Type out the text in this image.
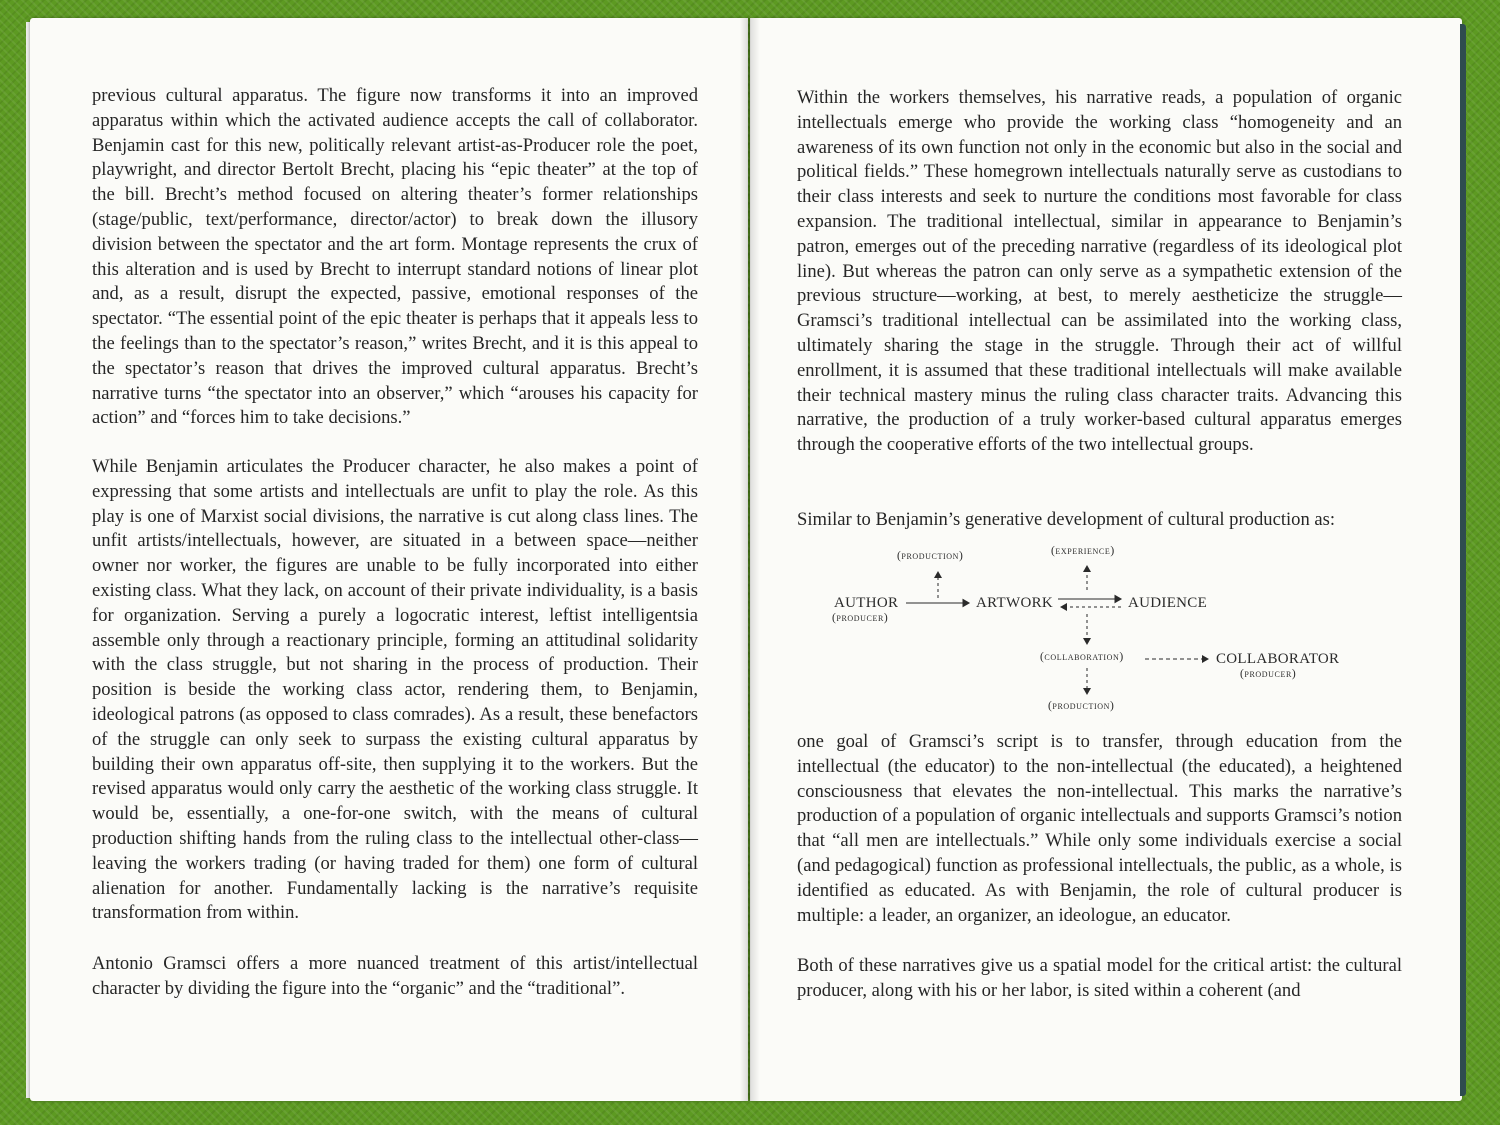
previous cultural apparatus. The figure now transforms it into an improved apparatus within which the activated audience accepts the call of collaborator. Benjamin cast for this new, politically relevant artist-as-Producer role the poet, playwright, and director Bertolt Brecht, placing his “epic theater” at the top of the bill. Brecht’s method focused on altering theater’s former relationships (stage/public, text/performance, director/actor) to break down the illusory division between the spectator and the art form. Montage represents the crux of this alteration and is used by Brecht to interrupt standard notions of linear plot and, as a result, disrupt the expected, passive, emotional responses of the spectator. “The essential point of the epic theater is perhaps that it appeals less to the feelings than to the spectator’s reason,” writes Brecht, and it is this appeal to the spectator’s reason that drives the improved cultural apparatus. Brecht’s narrative turns “the spectator into an observer,” which “arouses his capacity for action” and “forces him to take decisions.”

While Benjamin articulates the Producer character, he also makes a point of expressing that some artists and intellectuals are unfit to play the role. As this play is one of Marxist social divisions, the narrative is cut along class lines. The unfit artists/intellectuals, however, are situated in a between space—neither owner nor worker, the figures are unable to be fully incorporated into either existing class. What they lack, on account of their private individuality, is a basis for organization. Serving a purely a logocratic interest, leftist intelligentsia assemble only through a reactionary principle, forming an attitudinal solidarity with the class struggle, but not sharing in the process of production. Their position is beside the working class actor, rendering them, to Benjamin, ideological patrons (as opposed to class comrades). As a result, these benefactors of the struggle can only seek to surpass the existing cultural apparatus by building their own apparatus off-site, then supplying it to the workers. But the revised apparatus would only carry the aesthetic of the working class struggle. It would be, essentially, a one-for-one switch, with the means of cultural production shifting hands from the ruling class to the intellectual other-class—leaving the workers trading (or having traded for them) one form of cultural alienation for another. Fundamentally lacking is the narrative’s requisite transformation from within.

Antonio Gramsci offers a more nuanced treatment of this artist/intellectual character by dividing the figure into the “organic” and the “traditional”.

Within the workers themselves, his narrative reads, a population of organic intellectuals emerge who provide the working class “homogeneity and an awareness of its own function not only in the economic but also in the social and political fields.” These homegrown intellectuals naturally serve as custodians to their class interests and seek to nurture the conditions most favorable for class expansion. The traditional intellectual, similar in appearance to Benjamin’s patron, emerges out of the preceding narrative (regardless of its ideological plot line). But whereas the patron can only serve as a sympathetic extension of the previous structure—working, at best, to merely aestheticize the struggle—Gramsci’s traditional intellectual can be assimilated into the working class, ultimately sharing the stage in the struggle. Through their act of willful enrollment, it is assumed that these traditional intellectuals will make available their technical mastery minus the ruling class character traits. Advancing this narrative, the production of a truly worker-based cultural apparatus emerges through the cooperative efforts of the two intellectual groups.

Similar to Benjamin’s generative development of cultural production as:

one goal of Gramsci’s script is to transfer, through education from the intellectual (the educator) to the non-intellectual (the educated), a heightened consciousness that elevates the non-intellectual. This marks the narrative’s production of a population of organic intellectuals and supports Gramsci’s notion that “all men are intellectuals.” While only some individuals exercise a social (and pedagogical) function as professional intellectuals, the public, as a whole, is identified as educated. As with Benjamin, the role of cultural producer is multiple: a leader, an organizer, an ideologue, an educator.

Both of these narratives give us a spatial model for the critical artist: the cultural producer, along with his or her labor, is sited within a coherent (and

(production)	(experience)
AUTHOR
(producer)
ARTWORK	AUDIENCE
(collaboration)	COLLABORATOR
(producer)
(production)
